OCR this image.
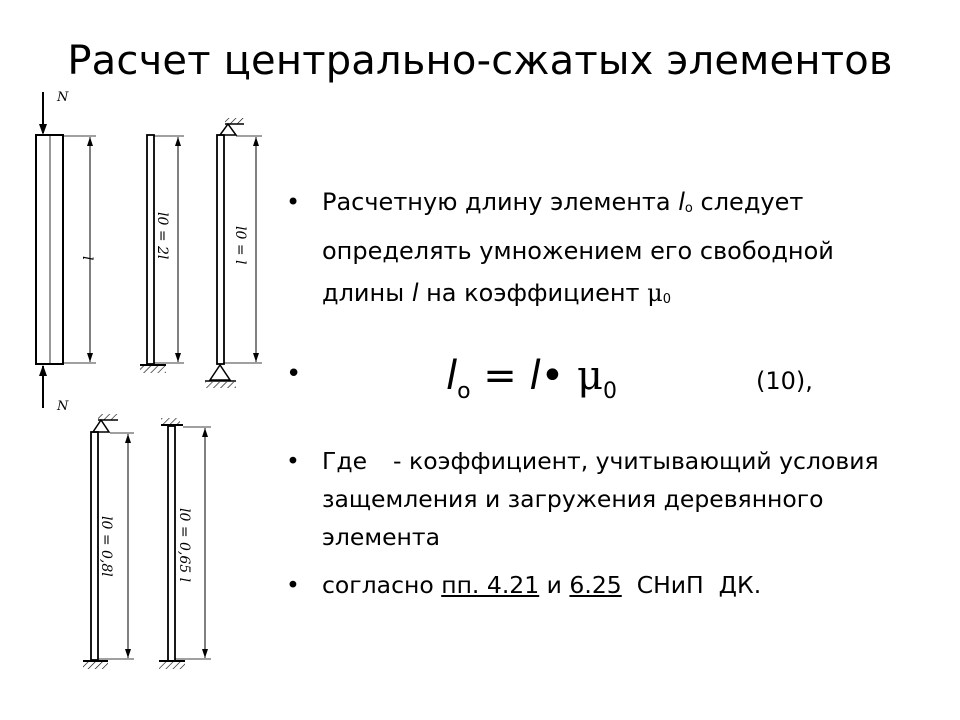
Расчет центрально-сжатых элементов
N
N
l	l0 = 2l	l0 = l
l0 = 0,8l	l0 = 0,65 l
• Расчетную длину элемента lo следует определять умножением его свободной длины l на коэффициент μ0
•	$l_o$ = l• $\mu_0$	(10),
• Где - коэффициент, учитывающий условия защемления и загружения деревянного элемента
• согласно пп. 4.21 и 6.25  СНиП  ДК.
